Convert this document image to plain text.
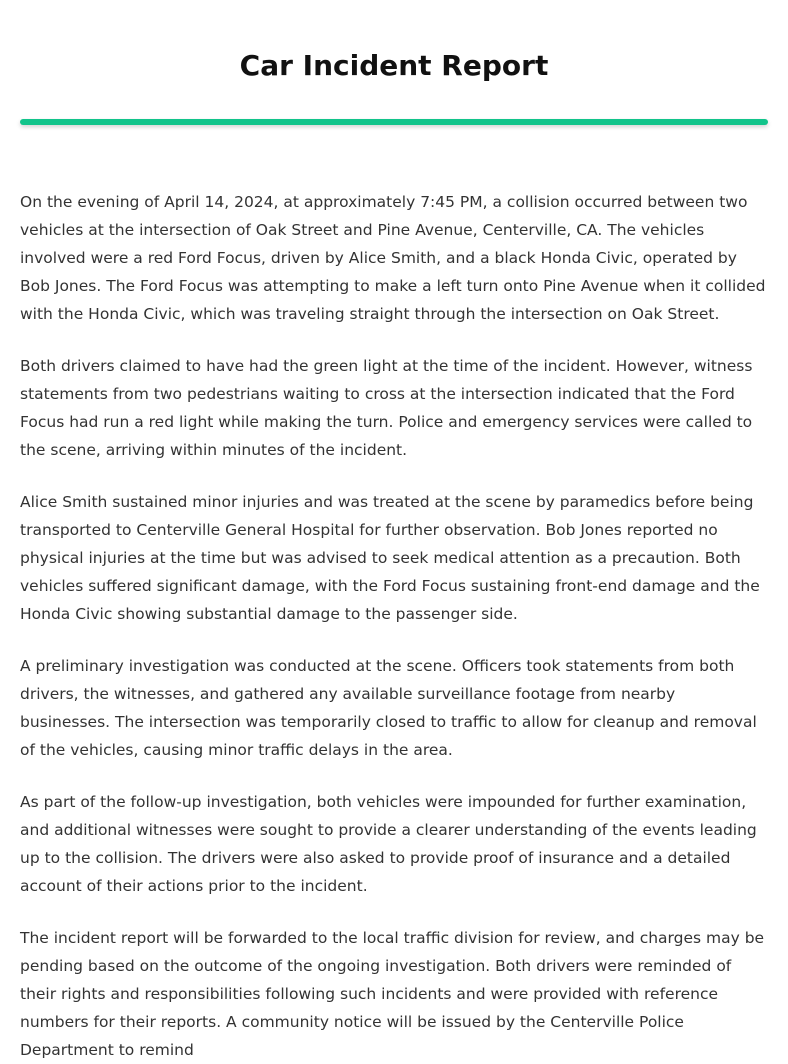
Car Incident Report

On the evening of April 14, 2024, at approximately 7:45 PM, a collision occurred between two vehicles at the intersection of Oak Street and Pine Avenue, Centerville, CA. The vehicles involved were a red Ford Focus, driven by Alice Smith, and a black Honda Civic, operated by Bob Jones. The Ford Focus was attempting to make a left turn onto Pine Avenue when it collided with the Honda Civic, which was traveling straight through the intersection on Oak Street.

Both drivers claimed to have had the green light at the time of the incident. However, witness statements from two pedestrians waiting to cross at the intersection indicated that the Ford Focus had run a red light while making the turn. Police and emergency services were called to the scene, arriving within minutes of the incident.

Alice Smith sustained minor injuries and was treated at the scene by paramedics before being transported to Centerville General Hospital for further observation. Bob Jones reported no physical injuries at the time but was advised to seek medical attention as a precaution. Both vehicles suffered significant damage, with the Ford Focus sustaining front-end damage and the Honda Civic showing substantial damage to the passenger side.

A preliminary investigation was conducted at the scene. Officers took statements from both drivers, the witnesses, and gathered any available surveillance footage from nearby businesses. The intersection was temporarily closed to traffic to allow for cleanup and removal of the vehicles, causing minor traffic delays in the area.

As part of the follow-up investigation, both vehicles were impounded for further examination, and additional witnesses were sought to provide a clearer understanding of the events leading up to the collision. The drivers were also asked to provide proof of insurance and a detailed account of their actions prior to the incident.

The incident report will be forwarded to the local traffic division for review, and charges may be pending based on the outcome of the ongoing investigation. Both drivers were reminded of their rights and responsibilities following such incidents and were provided with reference numbers for their reports. A community notice will be issued by the Centerville Police Department to remind
